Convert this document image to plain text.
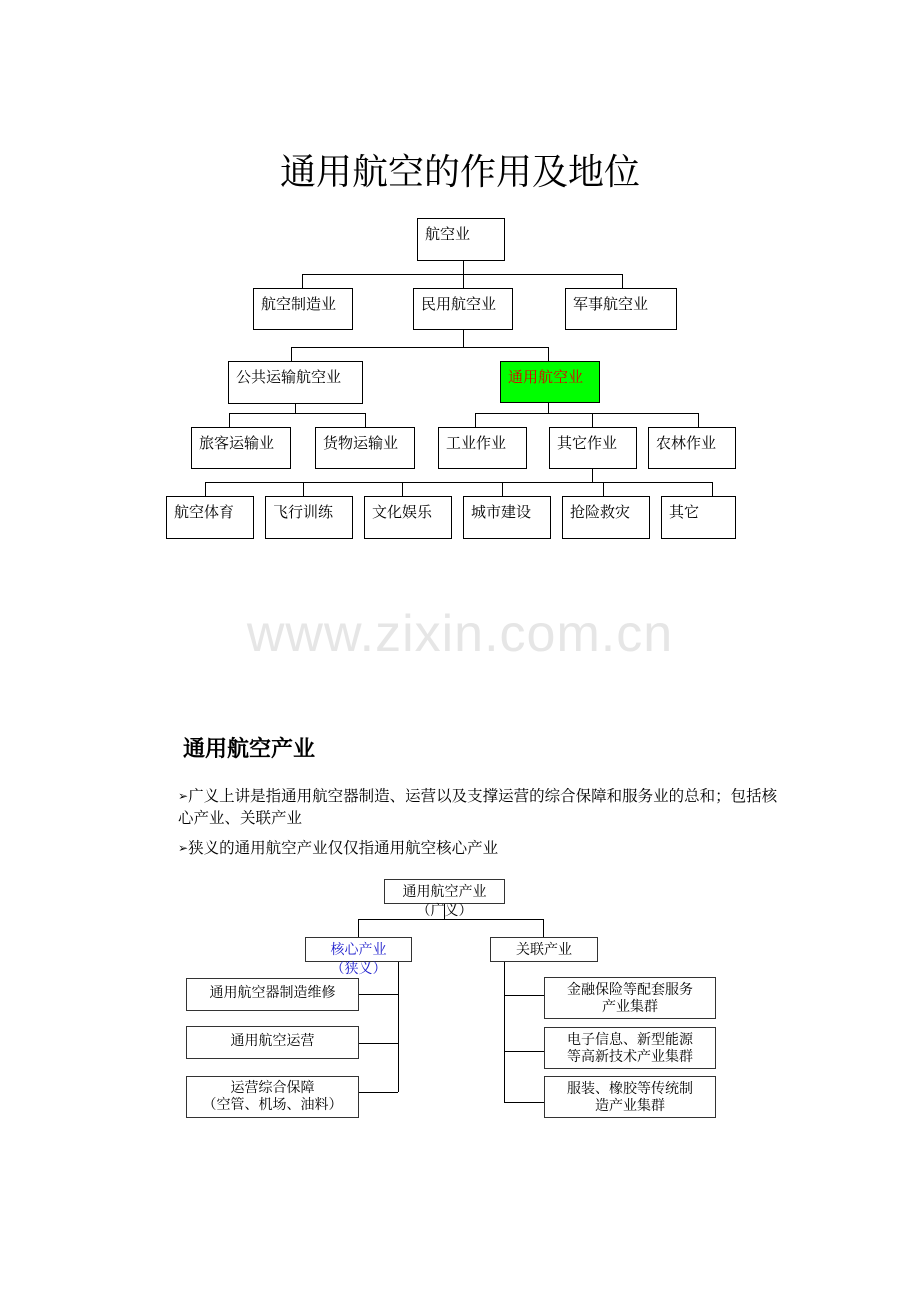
通用航空的作用及地位
航空业
航空制造业	民用航空业	军事航空业
公共运输航空业	通用航空业
旅客运输业	货物运输业	工业作业	其它作业	农林作业
航空体育	飞行训练	文化娱乐	城市建设	抢险救灾	其它
www.zixin.com.cn
通用航空产业
➢广义上讲是指通用航空器制造、运营以及支撑运营的综合保障和服务业的总和；包括核心产业、关联产业
➢狭义的通用航空产业仅仅指通用航空核心产业
通用航空产业
（广义）
核心产业
（狭义）
关联产业
通用航空器制造维修
通用航空运营
运营综合保障
（空管、机场、油料）
金融保险等配套服务
产业集群
电子信息、新型能源
等高新技术产业集群
服装、橡胶等传统制
造产业集群
